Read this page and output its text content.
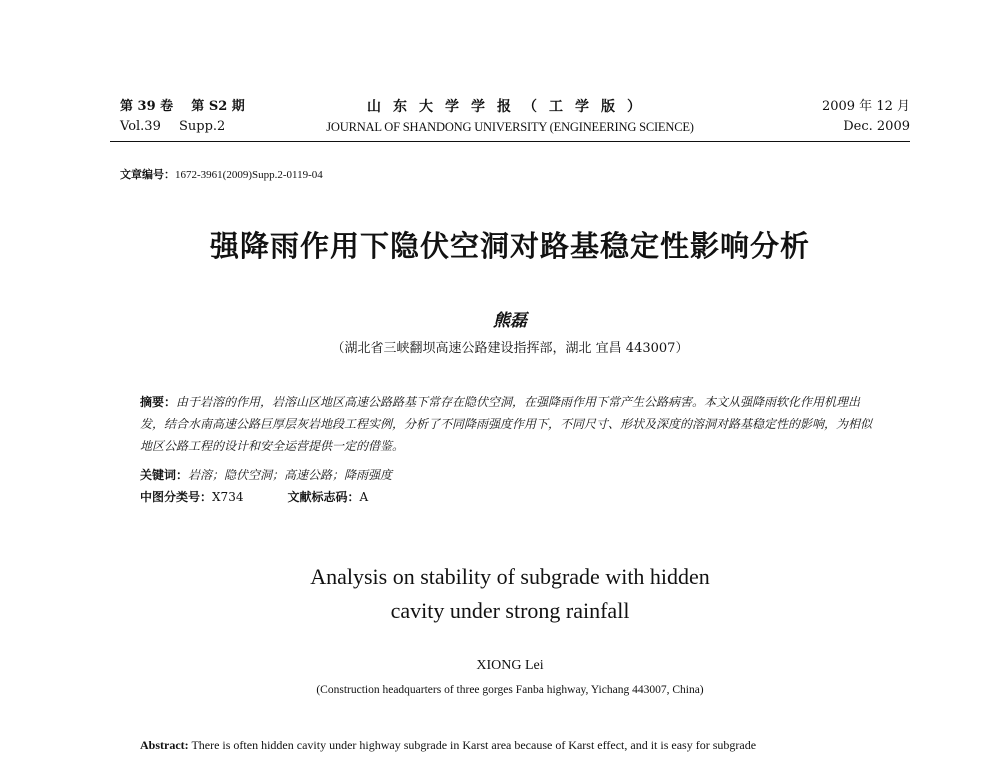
第 39 卷 第 S2 期
Vol.39 Supp.2
山东大学学报（工学版）
JOURNAL OF SHANDONG UNIVERSITY (ENGINEERING SCIENCE)
2009 年 12 月
Dec. 2009
文章编号：1672-3961(2009)Supp.2-0119-04
强降雨作用下隐伏空洞对路基稳定性影响分析
熊磊
（湖北省三峡翻坝高速公路建设指挥部，湖北 宜昌 443007）
摘要：由于岩溶的作用，岩溶山区地区高速公路路基下常存在隐伏空洞，在强降雨作用下常产生公路病害。本文从强降雨软化作用机理出发，结合水南高速公路巨厚层灰岩地段工程实例，分析了不同降雨强度作用下，不同尺寸、形状及深度的溶洞对路基稳定性的影响，为相似地区公路工程的设计和安全运营提供一定的借鉴。
关键词：岩溶；隐伏空洞；高速公路；降雨强度
中图分类号：X734	文献标志码：A
Analysis on stability of subgrade with hidden
cavity under strong rainfall
XIONG Lei
(Construction headquarters of three gorges Fanba highway, Yichang 443007, China)
Abstract: There is often hidden cavity under highway subgrade in Karst area because of Karst effect, and it is easy for subgrade
